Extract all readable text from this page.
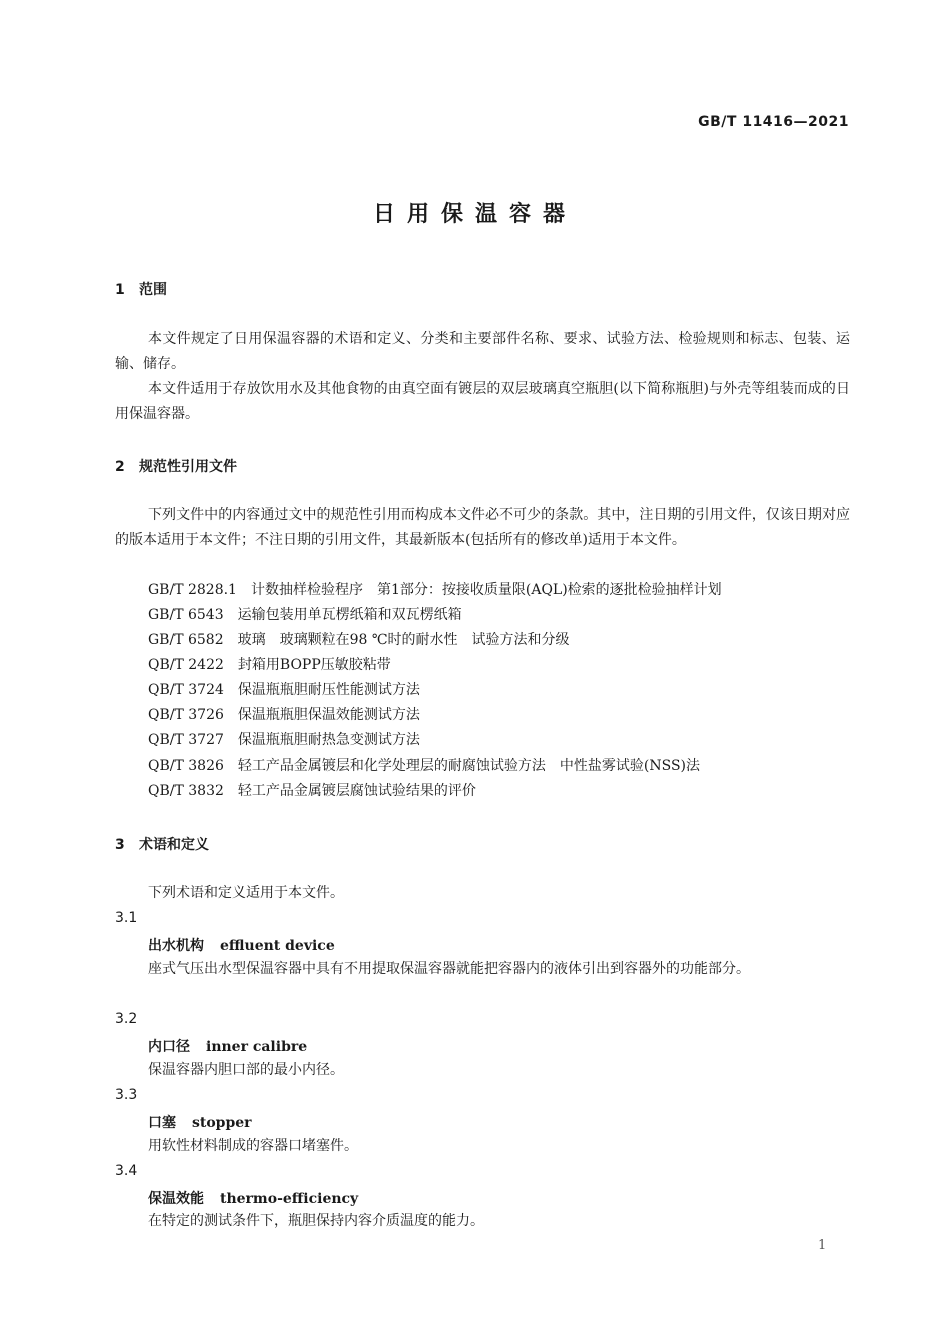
GB/T 11416—2021
日用保温容器
1 范围
本文件规定了日用保温容器的术语和定义、分类和主要部件名称、要求、试验方法、检验规则和标志、包装、运输、储存。
本文件适用于存放饮用水及其他食物的由真空面有镀层的双层玻璃真空瓶胆(以下简称瓶胆)与外壳等组装而成的日用保温容器。
2 规范性引用文件
下列文件中的内容通过文中的规范性引用而构成本文件必不可少的条款。其中，注日期的引用文件，仅该日期对应的版本适用于本文件；不注日期的引用文件，其最新版本(包括所有的修改单)适用于本文件。
GB/T 2828.1 计数抽样检验程序　第1部分：按接收质量限(AQL)检索的逐批检验抽样计划
GB/T 6543 运输包装用单瓦楞纸箱和双瓦楞纸箱
GB/T 6582 玻璃　玻璃颗粒在98 ℃时的耐水性　试验方法和分级
QB/T 2422 封箱用BOPP压敏胶粘带
QB/T 3724 保温瓶瓶胆耐压性能测试方法
QB/T 3726 保温瓶瓶胆保温效能测试方法
QB/T 3727 保温瓶瓶胆耐热急变测试方法
QB/T 3826 轻工产品金属镀层和化学处理层的耐腐蚀试验方法　中性盐雾试验(NSS)法
QB/T 3832 轻工产品金属镀层腐蚀试验结果的评价
3 术语和定义
下列术语和定义适用于本文件。
3.1
出水机构 effluent device
座式气压出水型保温容器中具有不用提取保温容器就能把容器内的液体引出到容器外的功能部分。
3.2
内口径 inner calibre
保温容器内胆口部的最小内径。
3.3
口塞 stopper
用软性材料制成的容器口堵塞件。
3.4
保温效能 thermo-efficiency
在特定的测试条件下，瓶胆保持内容介质温度的能力。
1
